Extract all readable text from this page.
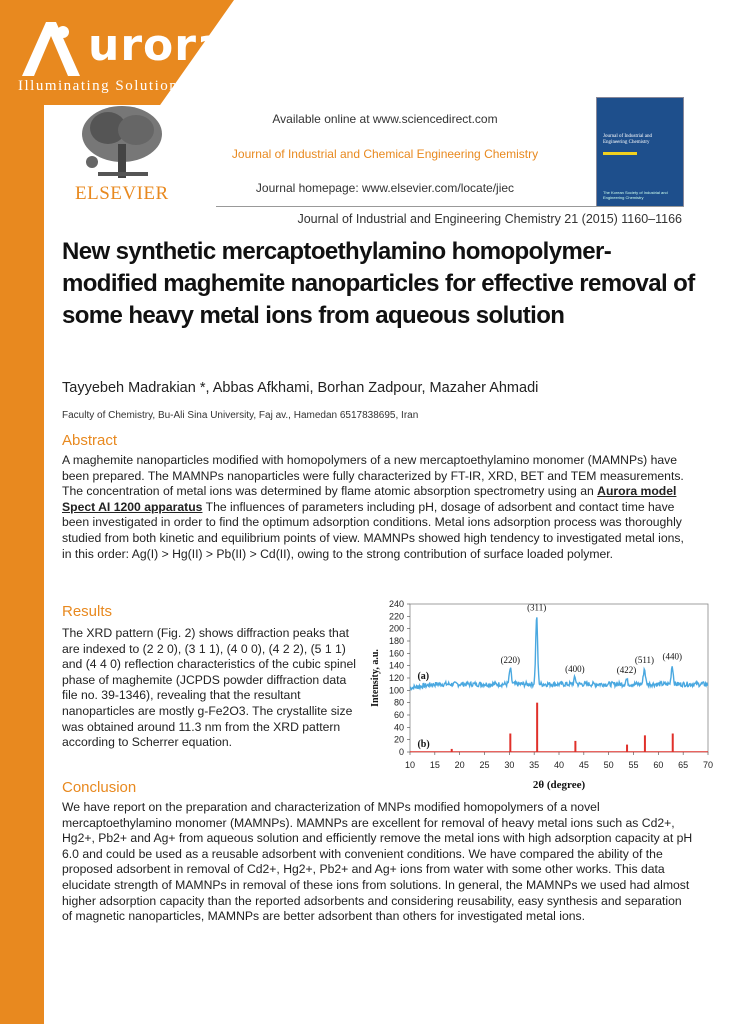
urora
Illuminating Solutions
ELSEVIER
Available online at www.sciencedirect.com
Journal of Industrial and Chemical Engineering Chemistry
Journal homepage: www.elsevier.com/locate/jiec
Journal of Industrial and Engineering Chemistry
The Korean Society of Industrial and Engineering Chemistry
Journal of Industrial and Engineering Chemistry 21 (2015) 1160–1166
New synthetic mercaptoethylamino homopolymer-modified maghemite nanoparticles for effective removal of some heavy metal ions from aqueous solution
Tayyebeh Madrakian *, Abbas Afkhami, Borhan Zadpour, Mazaher Ahmadi
Faculty of Chemistry, Bu-Ali Sina University, Faj av., Hamedan 6517838695, Iran
Abstract
A maghemite nanoparticles modified with homopolymers of a new mercaptoethylamino monomer (MAMNPs) have been prepared. The MAMNPs nanoparticles were fully characterized by FT-IR, XRD, BET and TEM measurements. The concentration of metal ions was determined by flame atomic absorption spectrometry using an Aurora model Spect AI 1200 apparatus The influences of parameters including pH, dosage of adsorbent and contact time have been investigated in order to find the optimum adsorption conditions. Metal ions adsorption process was thoroughly studied from both kinetic and equilibrium points of view. MAMNPs showed high tendency to investigated metal ions, in this order: Ag(I) > Hg(II) > Pb(II) > Cd(II), owing to the strong contribution of surface loaded polymer.
Results
The XRD pattern (Fig. 2) shows diffraction peaks that are indexed to (2 2 0), (3 1 1), (4 0 0), (4 2 2), (5 1 1) and (4 4 0) reflection characteristics of the cubic spinel phase of maghemite (JCPDS powder diffraction data file no. 39-1346), revealing that the resultant nanoparticles are mostly g-Fe2O3. The crystallite size was obtained around 11.3 nm from the XRD pattern according to Scherrer equation.
0
20
40
60
80
100
120
140
160
180
200
220
240
10 15 20 25 30 35 40 45 50 55 60 65 70
2θ (degree)
Intensity, a.u.	(220)
(311)
(400)	(422)
(511) (440)
(a)
(b)
Conclusion
We have report on the preparation and characterization of MNPs modified homopolymers of a novel mercaptoethylamino monomer (MAMNPs). MAMNPs are excellent for removal of heavy metal ions such as Cd2+, Hg2+, Pb2+ and Ag+ from aqueous solution and efficiently remove the metal ions with high adsorption capacity at pH 6.0 and could be used as a reusable adsorbent with convenient conditions. We have compared the ability of the proposed adsorbent in removal of Cd2+, Hg2+, Pb2+ and Ag+ ions from water with some other works. This data elucidate strength of MAMNPs in removal of these ions from solutions. In general, the MAMNPs we used had almost higher adsorption capacity than the reported adsorbents and considering reusability, easy synthesis and separation of magnetic nanoparticles, MAMNPs are better adsorbent than others for investigated metal ions.
